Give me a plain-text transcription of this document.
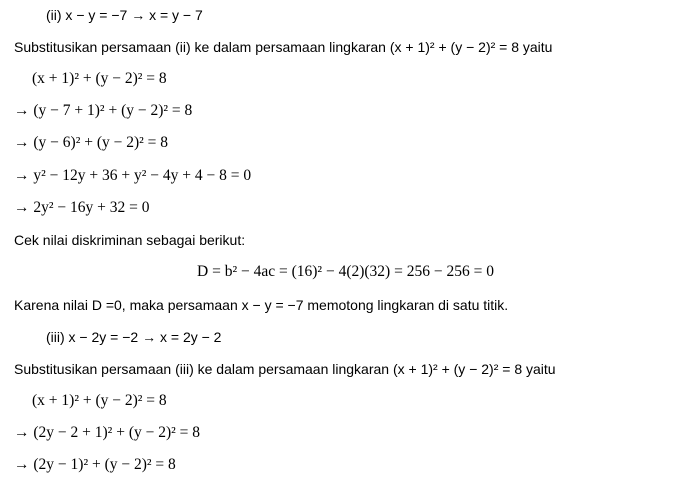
(ii) x − y = −7 → x = y − 7
Substitusikan persamaan (ii) ke dalam persamaan lingkaran (x + 1)² + (y − 2)² = 8 yaitu
(x + 1)² + (y − 2)² = 8
→ (y − 7 + 1)² + (y − 2)² = 8
→ (y − 6)² + (y − 2)² = 8
→ y² − 12y + 36 + y² − 4y + 4 − 8 = 0
→ 2y² − 16y + 32 = 0
Cek nilai diskriminan sebagai berikut:
D = b² − 4ac = (16)² − 4(2)(32) = 256 − 256 = 0
Karena nilai D =0, maka persamaan x − y = −7 memotong lingkaran di satu titik.
(iii) x − 2y = −2 → x = 2y − 2
Substitusikan persamaan (iii) ke dalam persamaan lingkaran (x + 1)² + (y − 2)² = 8 yaitu
(x + 1)² + (y − 2)² = 8
→ (2y − 2 + 1)² + (y − 2)² = 8
→ (2y − 1)² + (y − 2)² = 8
